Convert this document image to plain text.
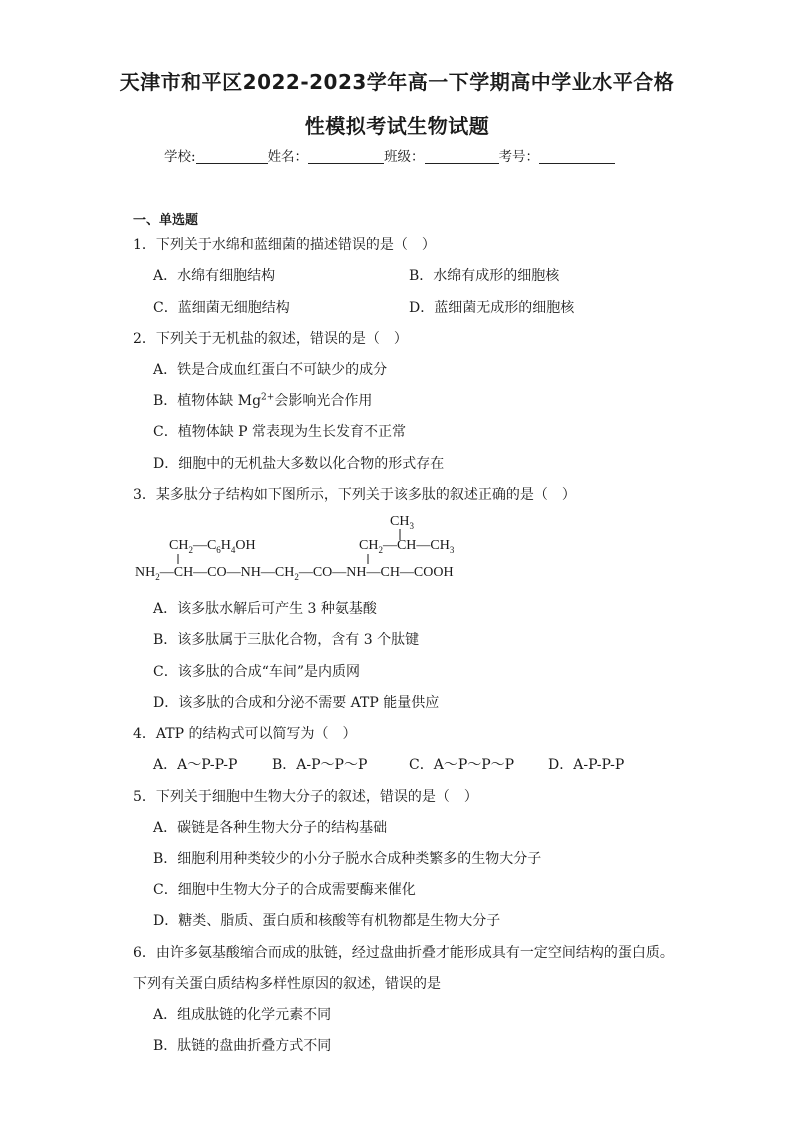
天津市和平区2022-2023学年高一下学期高中学业水平合格
性模拟考试生物试题
学校:	姓名：	班级：	考号：
一、单选题
1．下列关于水绵和蓝细菌的描述错误的是（　）
A．水绵有细胞结构	B．水绵有成形的细胞核
C．蓝细菌无细胞结构	D．蓝细菌无成形的细胞核
2．下列关于无机盐的叙述，错误的是（　）
A．铁是合成血红蛋白不可缺少的成分
B．植物体缺 $Mg^{2+}$会影响光合作用
C．植物体缺 P 常表现为生长发育不正常
D．细胞中的无机盐大多数以化合物的形式存在
3．某多肽分子结构如下图所示，下列关于该多肽的叙述正确的是（　）
$CH_3$
$CH_2—C_6H_4OH$	$CH_2—CH—CH_3$
$NH_2—CH—CO—NH—CH_2—CO—NH—CH—COOH$
A．该多肽水解后可产生 3 种氨基酸
B．该多肽属于三肽化合物，含有 3 个肽键
C．该多肽的合成“车间”是内质网
D．该多肽的合成和分泌不需要 ATP 能量供应
4．ATP 的结构式可以简写为（　）
A．A～P-P-P B．A-P～P～P	C．A～P～P～P D．A-P-P-P
5．下列关于细胞中生物大分子的叙述，错误的是（　）
A．碳链是各种生物大分子的结构基础
B．细胞利用种类较少的小分子脱水合成种类繁多的生物大分子
C．细胞中生物大分子的合成需要酶来催化
D．糖类、脂质、蛋白质和核酸等有机物都是生物大分子
6．由许多氨基酸缩合而成的肽链，经过盘曲折叠才能形成具有一定空间结构的蛋白质。
下列有关蛋白质结构多样性原因的叙述，错误的是
A．组成肽链的化学元素不同
B．肽链的盘曲折叠方式不同
